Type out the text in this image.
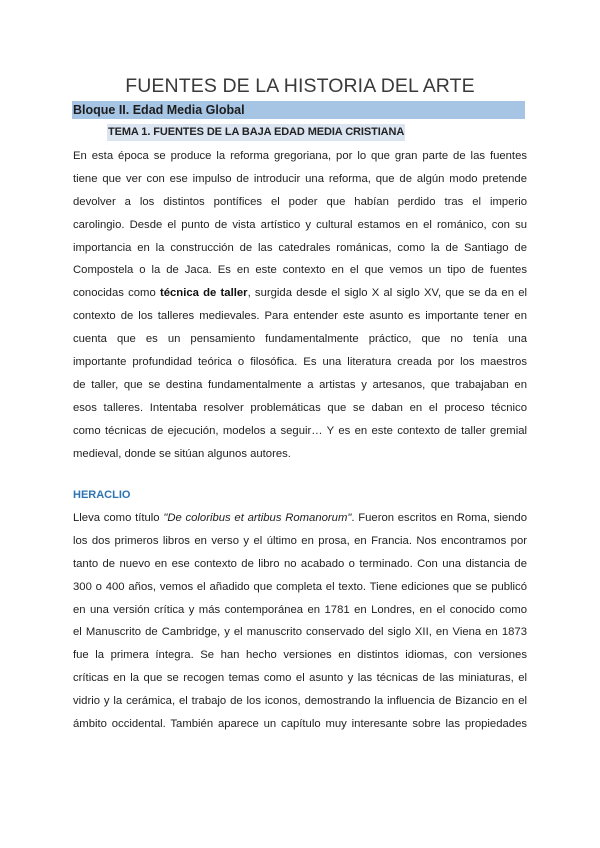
FUENTES DE LA HISTORIA DEL ARTE
Bloque II. Edad Media Global
TEMA 1. FUENTES DE LA BAJA EDAD MEDIA CRISTIANA

En esta época se produce la reforma gregoriana, por lo que gran parte de las fuentes
tiene que ver con ese impulso de introducir una reforma, que de algún modo pretende
devolver a los distintos pontífices el poder que habían perdido tras el imperio
carolingio. Desde el punto de vista artístico y cultural estamos en el románico, con su
importancia en la construcción de las catedrales románicas, como la de Santiago de
Compostela o la de Jaca. Es en este contexto en el que vemos un tipo de fuentes
conocidas como técnica de taller, surgida desde el siglo X al siglo XV, que se da en el
contexto de los talleres medievales. Para entender este asunto es importante tener en
cuenta que es un pensamiento fundamentalmente práctico, que no tenía una
importante profundidad teórica o filosófica. Es una literatura creada por los maestros
de taller, que se destina fundamentalmente a artistas y artesanos, que trabajaban en
esos talleres. Intentaba resolver problemáticas que se daban en el proceso técnico
como técnicas de ejecución, modelos a seguir… Y es en este contexto de taller gremial
medieval, donde se sitúan algunos autores.

HERACLIO

Lleva como título "De coloribus et artibus Romanorum". Fueron escritos en Roma, siendo
los dos primeros libros en verso y el último en prosa, en Francia. Nos encontramos por
tanto de nuevo en ese contexto de libro no acabado o terminado. Con una distancia de
300 o 400 años, vemos el añadido que completa el texto. Tiene ediciones que se publicó
en una versión crítica y más contemporánea en 1781 en Londres, en el conocido como
el Manuscrito de Cambridge, y el manuscrito conservado del siglo XII, en Viena en 1873
fue la primera íntegra. Se han hecho versiones en distintos idiomas, con versiones
críticas en la que se recogen temas como el asunto y las técnicas de las miniaturas, el
vidrio y la cerámica, el trabajo de los iconos, demostrando la influencia de Bizancio en el
ámbito occidental. También aparece un capítulo muy interesante sobre las propiedades
